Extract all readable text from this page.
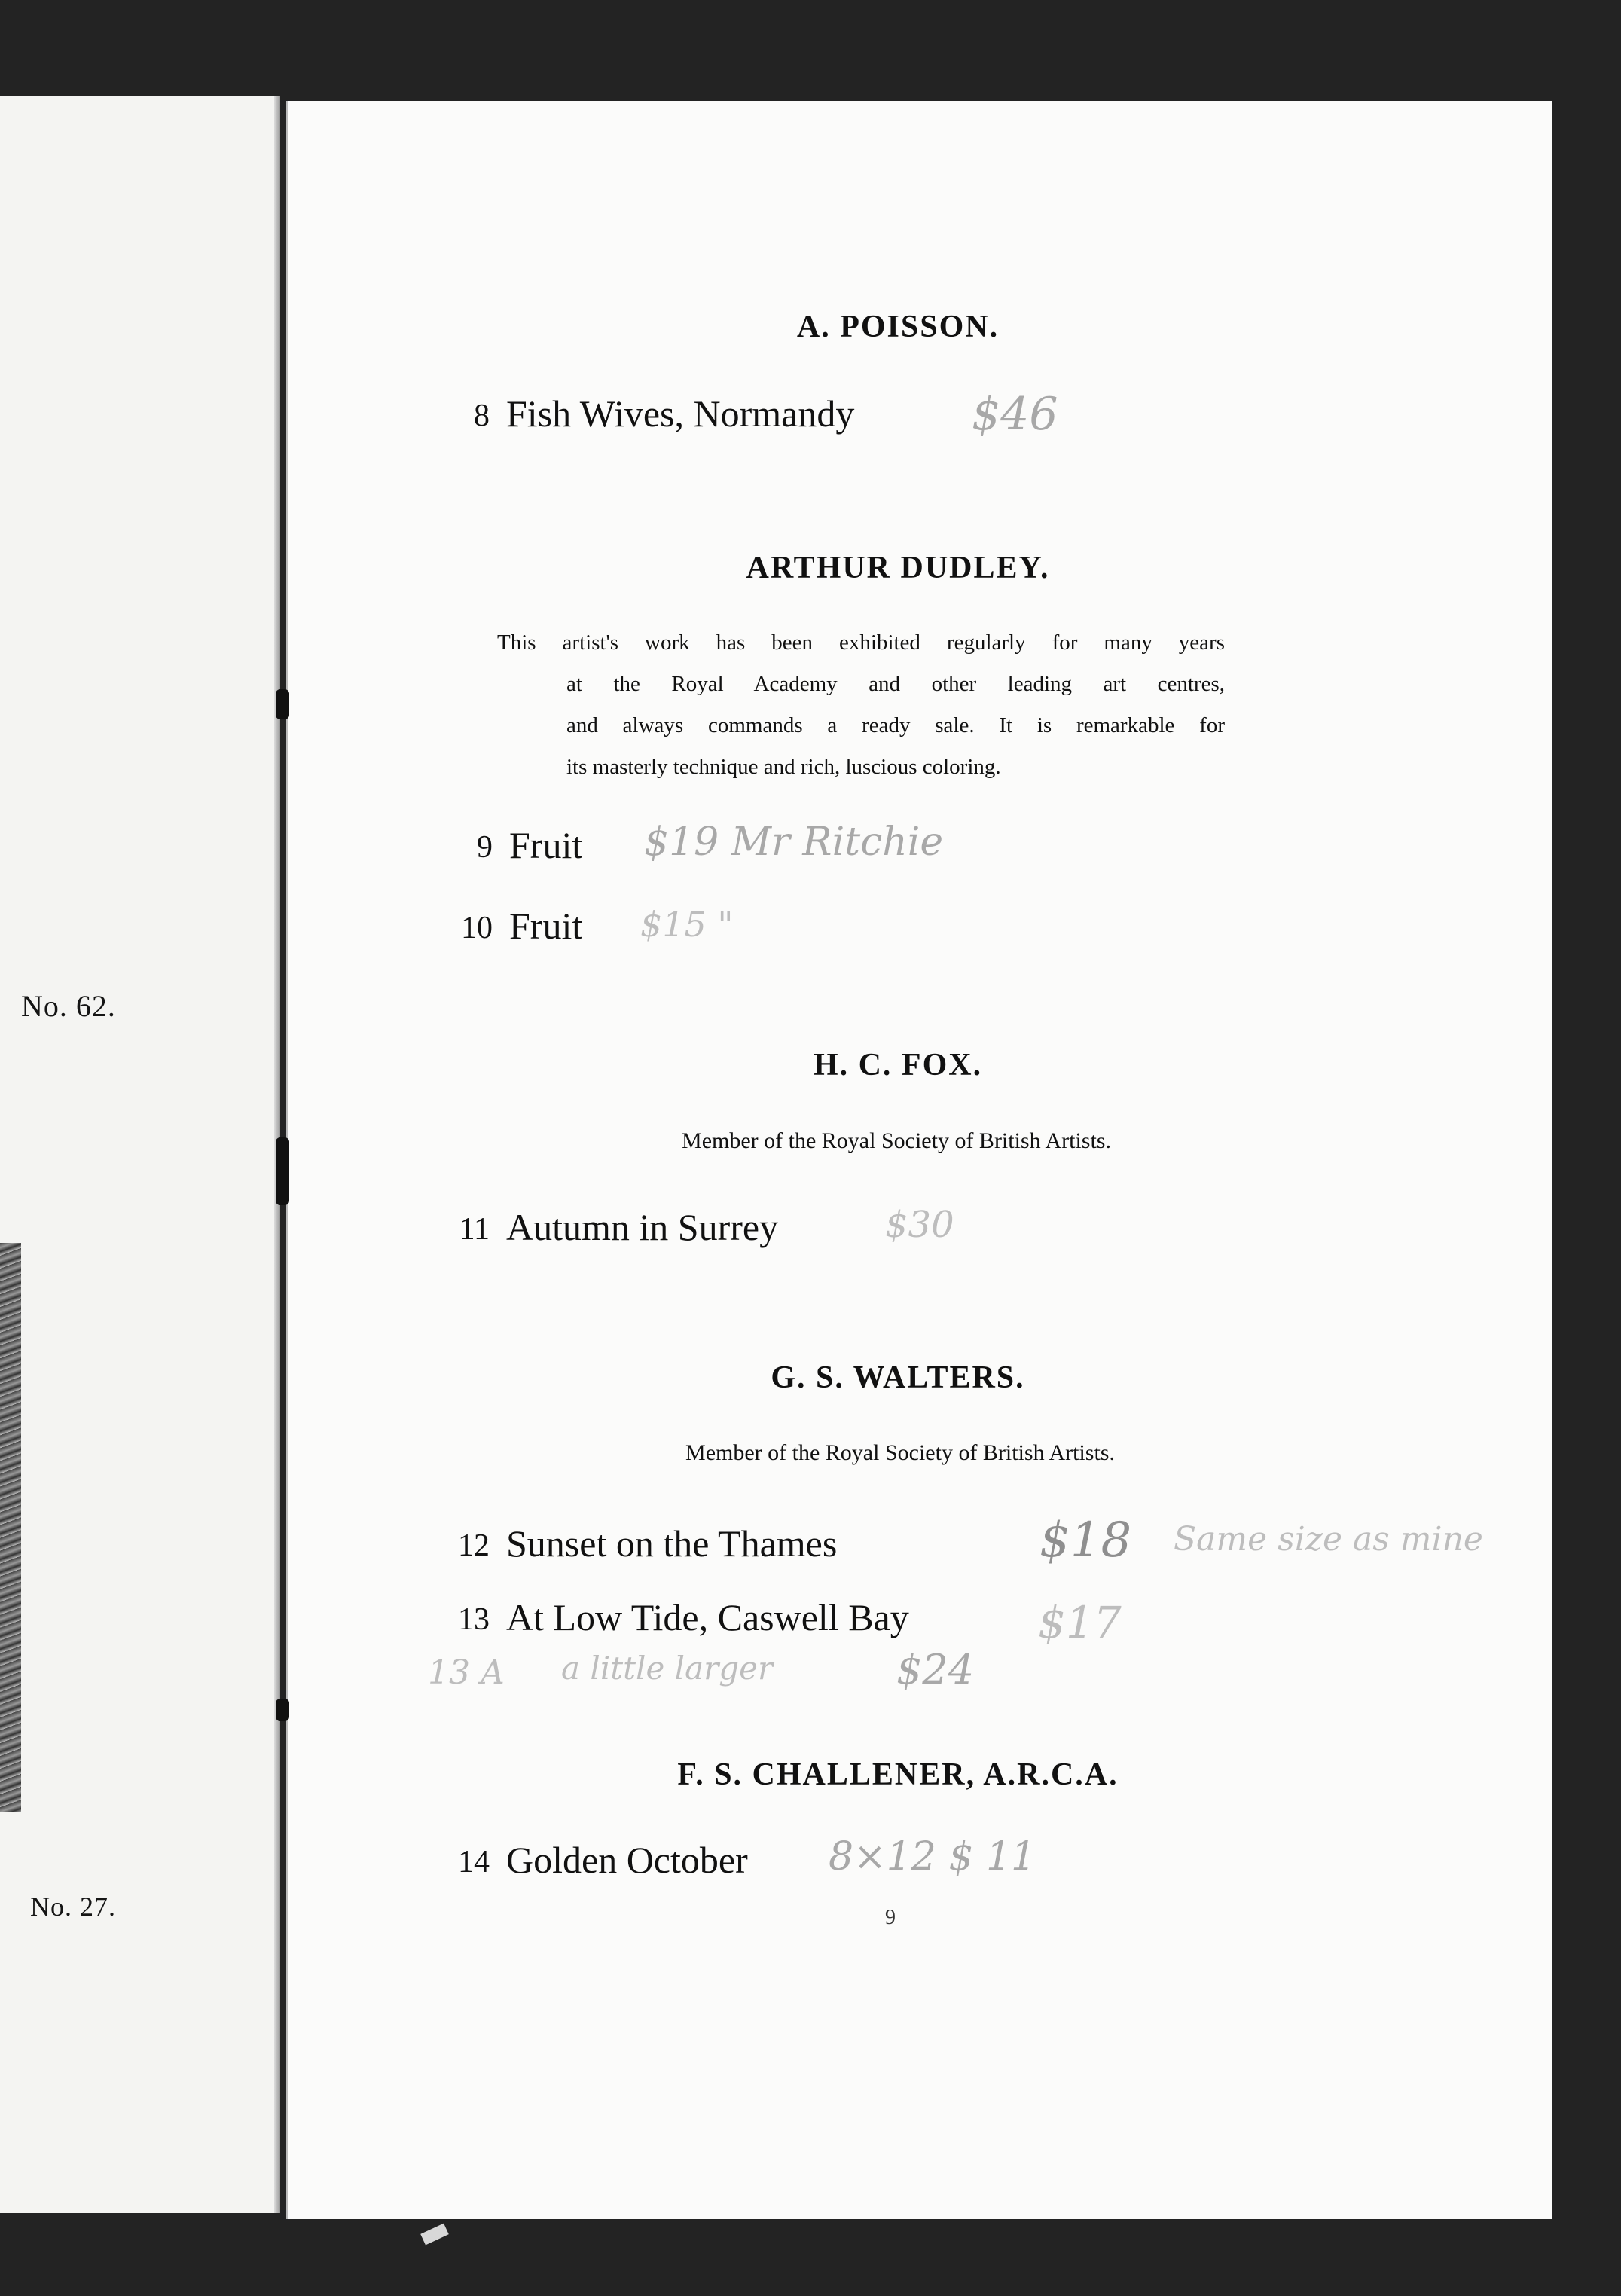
No. 62.
No. 27.
A. POISSON.
8 Fish Wives, Normandy	$46
ARTHUR DUDLEY.
This artist's work has been exhibited regularly for many years
at the Royal Academy and other leading art centres,
and always commands a ready sale. It is remarkable for
its masterly technique and rich, luscious coloring.
9 Fruit $19 Mr Ritchie
10 Fruit $15 "
H. C. FOX.
Member of the Royal Society of British Artists.
11 Autumn in Surrey	$30
G. S. WALTERS.
Member of the Royal Society of British Artists.
12 Sunset on the Thames	$18 Same size as mine
13 At Low Tide, Caswell Bay	$17
13 A a little larger	$24
F. S. CHALLENER, A.R.C.A.
14 Golden October 8×12 $ 11
9
